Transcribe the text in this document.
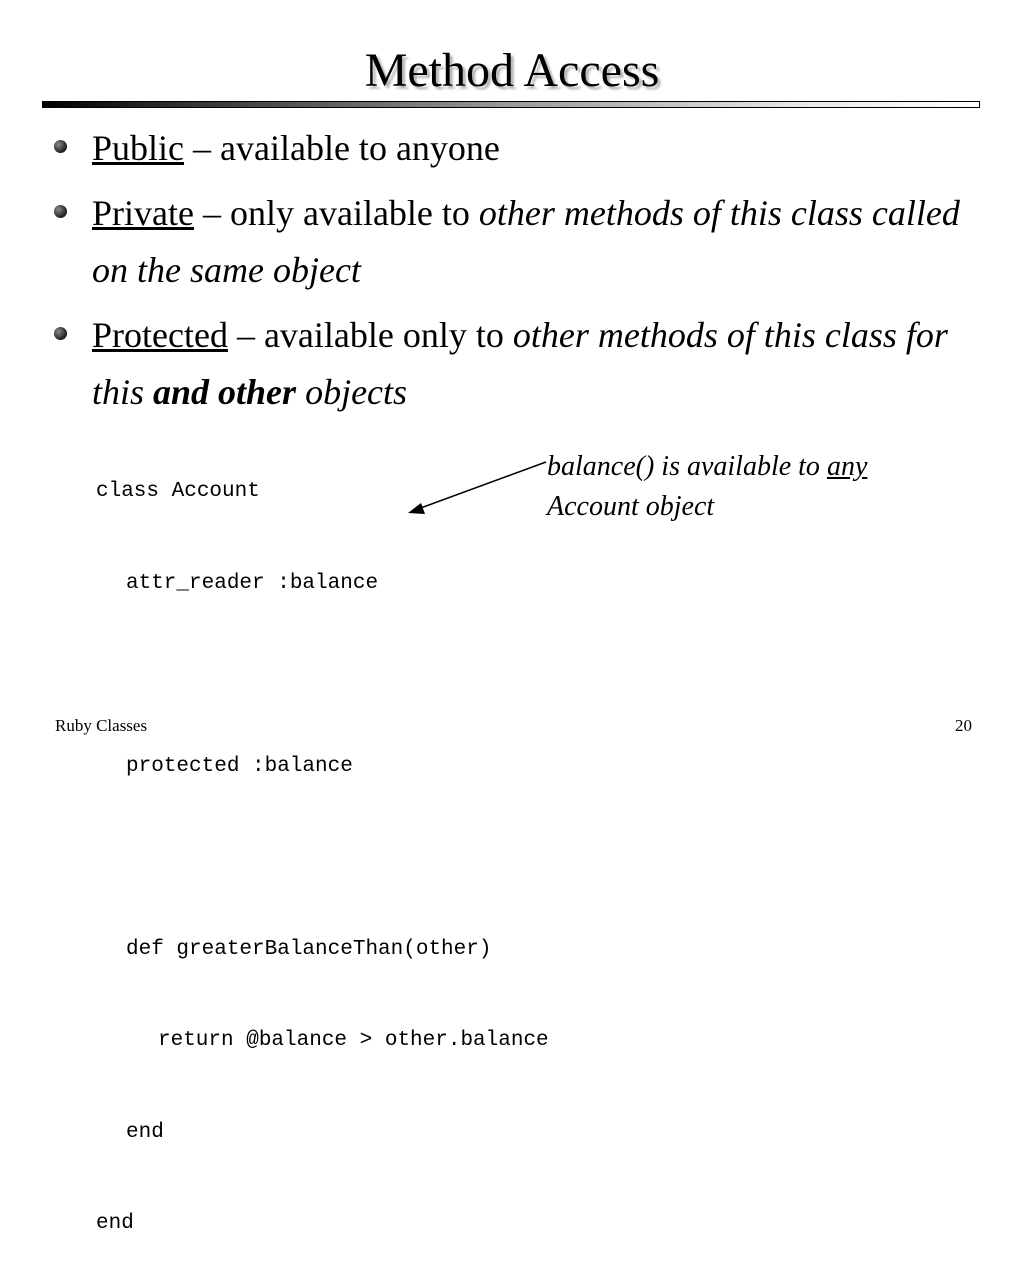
Method Access
Public – available to anyone
Private – only available to other methods of this class called on the same object
Protected – available only to other methods of this class for this and other objects

class Account

attr_reader :balance

protected :balance

def greaterBalanceThan(other)

return @balance > other.balance

end

end

balance() is available to any
Account object
Ruby Classes	20
